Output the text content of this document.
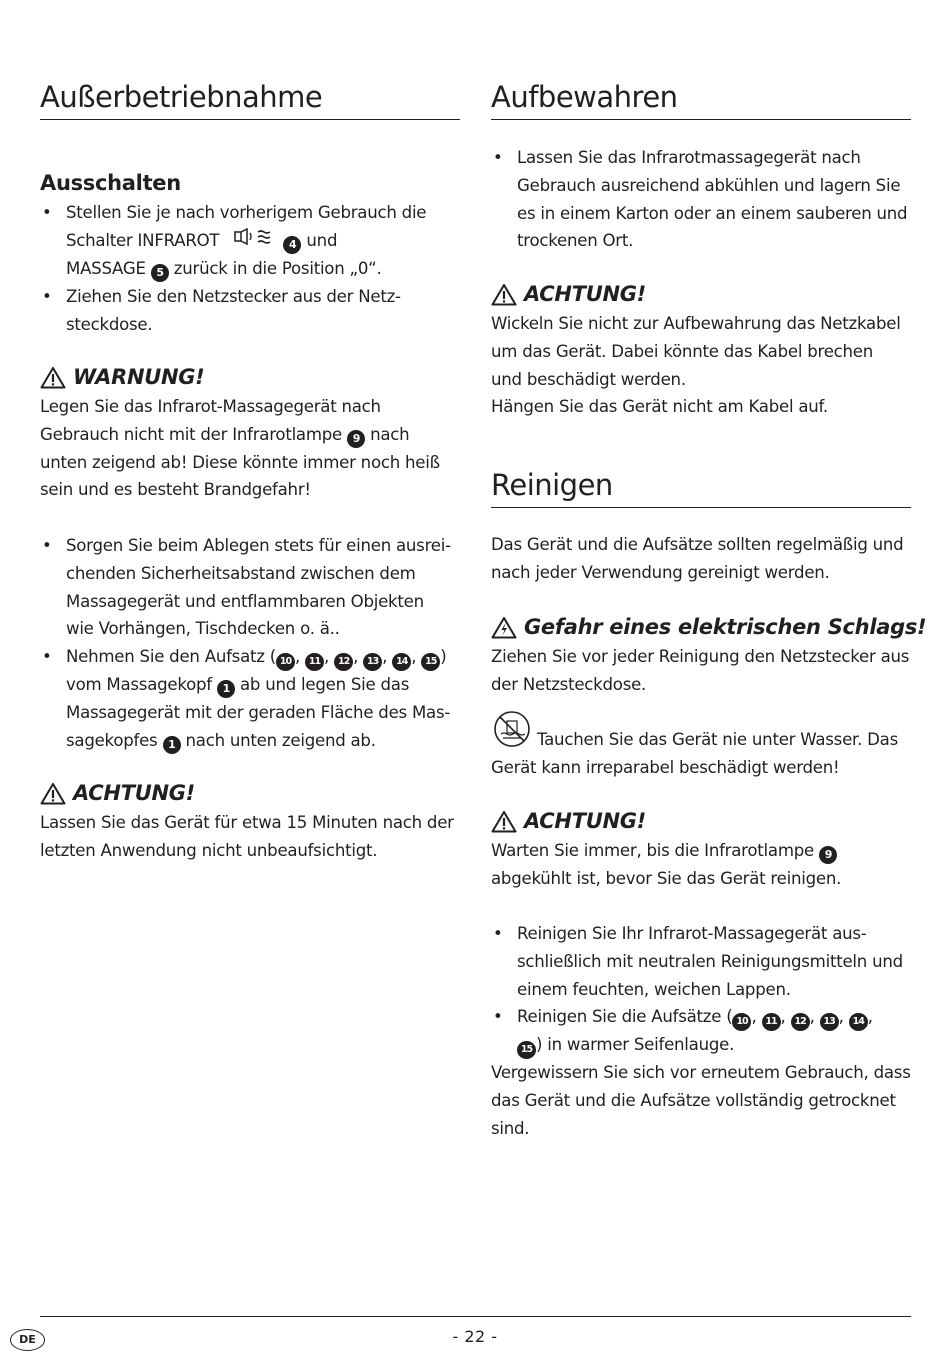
Außerbetriebnahme
Ausschalten
• Stellen Sie je nach vorherigem Gebrauch die
Schalter INFRAROT	4 und
MASSAGE 5 zurück in die Position „0“.
• Ziehen Sie den Netzstecker aus der Netz-
steckdose.
WARNUNG!
Legen Sie das Infrarot-Massagegerät nach
Gebrauch nicht mit der Infrarotlampe 9 nach
unten zeigend ab! Diese könnte immer noch heiß
sein und es besteht Brandgefahr!
• Sorgen Sie beim Ablegen stets für einen ausrei-
chenden Sicherheitsabstand zwischen dem
Massagegerät und entflammbaren Objekten
wie Vorhängen, Tischdecken o. ä..
• Nehmen Sie den Aufsatz ( 10 , 11 , 12 , 13 , 14 , 15 )
vom Massagekopf 1 ab und legen Sie das
Massagegerät mit der geraden Fläche des Mas-
sagekopfes 1 nach unten zeigend ab.
ACHTUNG!
Lassen Sie das Gerät für etwa 15 Minuten nach der
letzten Anwendung nicht unbeaufsichtigt.
Aufbewahren
• Lassen Sie das Infrarotmassagegerät nach
Gebrauch ausreichend abkühlen und lagern Sie
es in einem Karton oder an einem sauberen und
trockenen Ort.
ACHTUNG!
Wickeln Sie nicht zur Aufbewahrung das Netzkabel
um das Gerät. Dabei könnte das Kabel brechen
und beschädigt werden.
Hängen Sie das Gerät nicht am Kabel auf.
Reinigen
Das Gerät und die Aufsätze sollten regelmäßig und
nach jeder Verwendung gereinigt werden.
Gefahr eines elektrischen Schlags!
Ziehen Sie vor jeder Reinigung den Netzstecker aus
der Netzsteckdose.
Tauchen Sie das Gerät nie unter Wasser. Das
Gerät kann irreparabel beschädigt werden!
ACHTUNG!
Warten Sie immer, bis die Infrarotlampe 9
abgekühlt ist, bevor Sie das Gerät reinigen.
• Reinigen Sie Ihr Infrarot-Massagegerät aus-
schließlich mit neutralen Reinigungsmitteln und
einem feuchten, weichen Lappen.
• Reinigen Sie die Aufsätze ( 10 , 11 , 12 , 13 , 14 ,
15 ) in warmer Seifenlauge.
Vergewissern Sie sich vor erneutem Gebrauch, dass
das Gerät und die Aufsätze vollständig getrocknet
sind.
DE	- 22 -
